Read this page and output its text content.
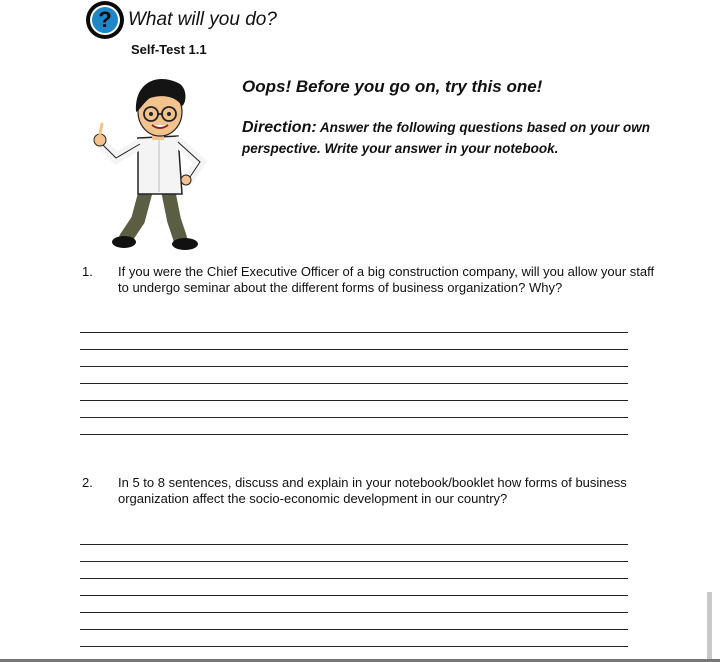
? What will you do?
Self-Test 1.1
Oops! Before you go on, try this one!
Direction: Answer the following questions based on your own perspective. Write your answer in your notebook.
1. If you were the Chief Executive Officer of a big construction company, will you allow your staff to undergo seminar about the different forms of business organization? Why?
2. In 5 to 8 sentences, discuss and explain in your notebook/booklet how forms of business organization affect the socio-economic development in our country?
